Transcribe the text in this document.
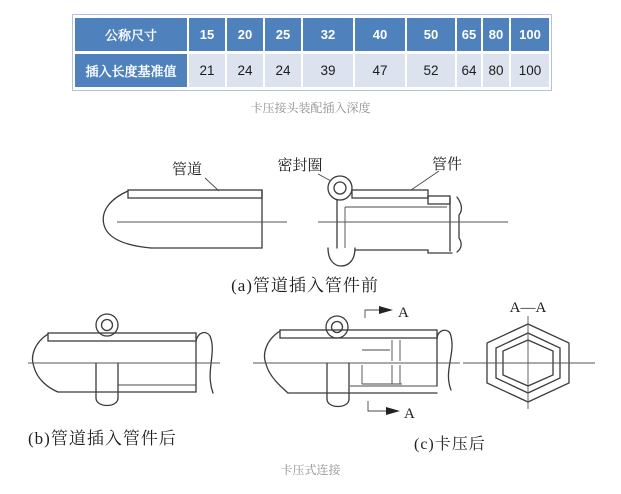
公称尺寸	15	20	25	32	40	50	65	80	100
插入长度基准值	21	24	24	39	47	52	64	80	100
卡压接头装配插入深度
管道	密封圈	管件
(a)管道插入管件前
(b)管道插入管件后
A
A
(c)卡压后
A—A
卡压式连接
